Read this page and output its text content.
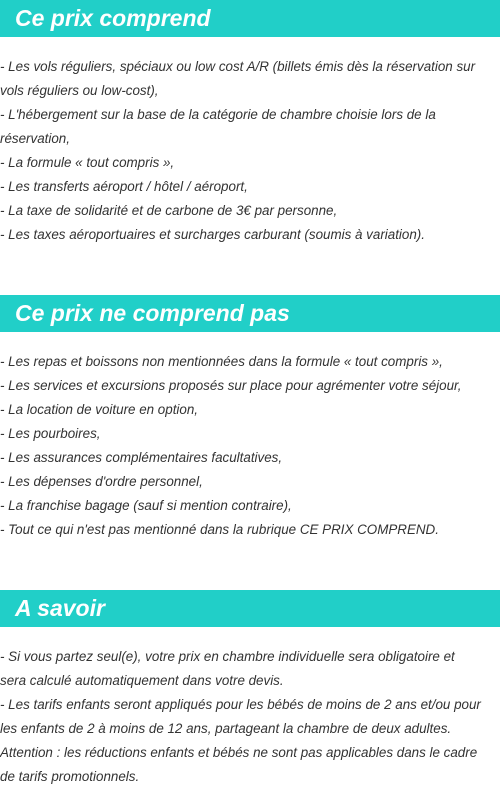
Ce prix comprend
- Les vols réguliers, spéciaux ou low cost A/R (billets émis dès la réservation sur
vols réguliers ou low-cost),
- L'hébergement sur la base de la catégorie de chambre choisie lors de la
réservation,
- La formule « tout compris »,
- Les transferts aéroport / hôtel / aéroport,
- La taxe de solidarité et de carbone de 3€ par personne,
- Les taxes aéroportuaires et surcharges carburant (soumis à variation).
Ce prix ne comprend pas
- Les repas et boissons non mentionnées dans la formule « tout compris »,
- Les services et excursions proposés sur place pour agrémenter votre séjour,
- La location de voiture en option,
- Les pourboires,
- Les assurances complémentaires facultatives,
- Les dépenses d'ordre personnel,
- La franchise bagage (sauf si mention contraire),
- Tout ce qui n'est pas mentionné dans la rubrique CE PRIX COMPREND.
A savoir
- Si vous partez seul(e), votre prix en chambre individuelle sera obligatoire et
sera calculé automatiquement dans votre devis.
- Les tarifs enfants seront appliqués pour les bébés de moins de 2 ans et/ou pour
les enfants de 2 à moins de 12 ans, partageant la chambre de deux adultes.
Attention : les réductions enfants et bébés ne sont pas applicables dans le cadre
de tarifs promotionnels.
